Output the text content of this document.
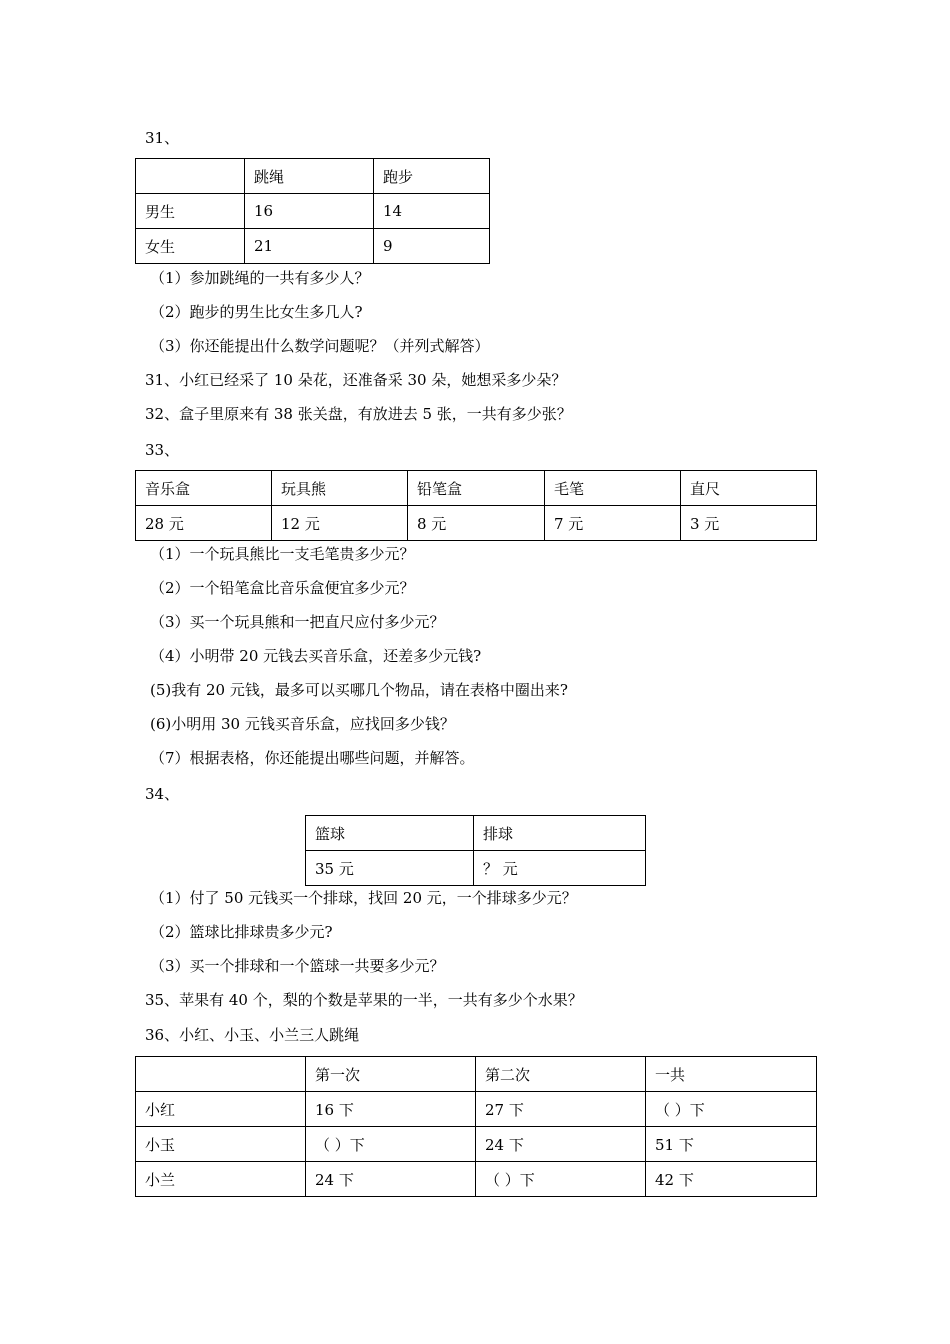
31、
	跳绳	跑步
男生	16	14
女生	21	9
（1）参加跳绳的一共有多少人？
（2）跑步的男生比女生多几人?
（3）你还能提出什么数学问题呢？（并列式解答）
31、小红已经采了 10 朵花，还准备采 30 朵，她想采多少朵？
32、盒子里原来有 38 张关盘，有放进去 5 张，一共有多少张？
33、
音乐盒	玩具熊	铅笔盒	毛笔	直尺
28 元	12 元	8 元	7 元	3 元
（1）一个玩具熊比一支毛笔贵多少元？
（2）一个铅笔盒比音乐盒便宜多少元？
（3）买一个玩具熊和一把直尺应付多少元？
（4）小明带 20 元钱去买音乐盒，还差多少元钱?
(5)我有 20 元钱，最多可以买哪几个物品，请在表格中圈出来?
(6)小明用 30 元钱买音乐盒，应找回多少钱？
（7）根据表格，你还能提出哪些问题，并解答。
34、
篮球	排球
35 元	？ 元
（1）付了 50 元钱买一个排球，找回 20 元，一个排球多少元？
（2）篮球比排球贵多少元?
（3）买一个排球和一个篮球一共要多少元？
35、苹果有 40 个，梨的个数是苹果的一半，一共有多少个水果？
36、小红、小玉、小兰三人跳绳
	第一次	第二次	一共
小红	16 下	27 下	（ ）下
小玉	（ ）下	24 下	51 下
小兰	24 下	（ ）下	42 下
